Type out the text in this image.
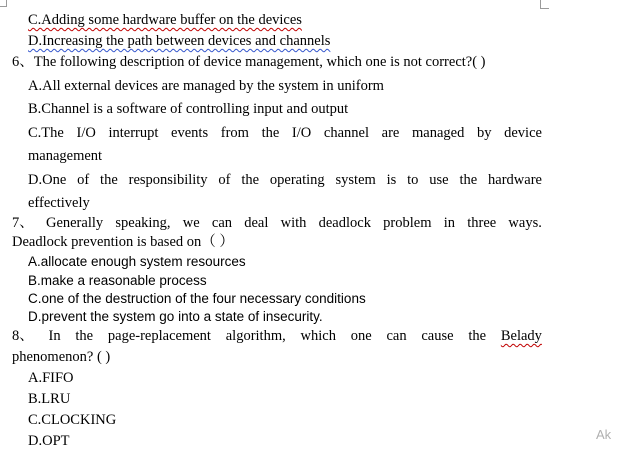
C.Adding some hardware buffer on the devices
D.Increasing the path between devices and channels
6、The following description of device management, which one is not correct?( )
A.All external devices are managed by the system in uniform
B.Channel is a software of controlling input and output
C.The I/O interrupt events from the I/O channel are managed by device
management
D.One of the responsibility of the operating system is to use the hardware
effectively
7、 Generally speaking, we can deal with deadlock problem in three ways.
Deadlock prevention is based on（ ）
A.allocate enough system resources
B.make a reasonable process
C.one of the destruction of the four necessary conditions
D.prevent the system go into a state of insecurity.
8、 In the page-replacement algorithm, which one can cause the Belady
phenomenon? ( )
A.FIFO
B.LRU
C.CLOCKING
D.OPT	Ak
